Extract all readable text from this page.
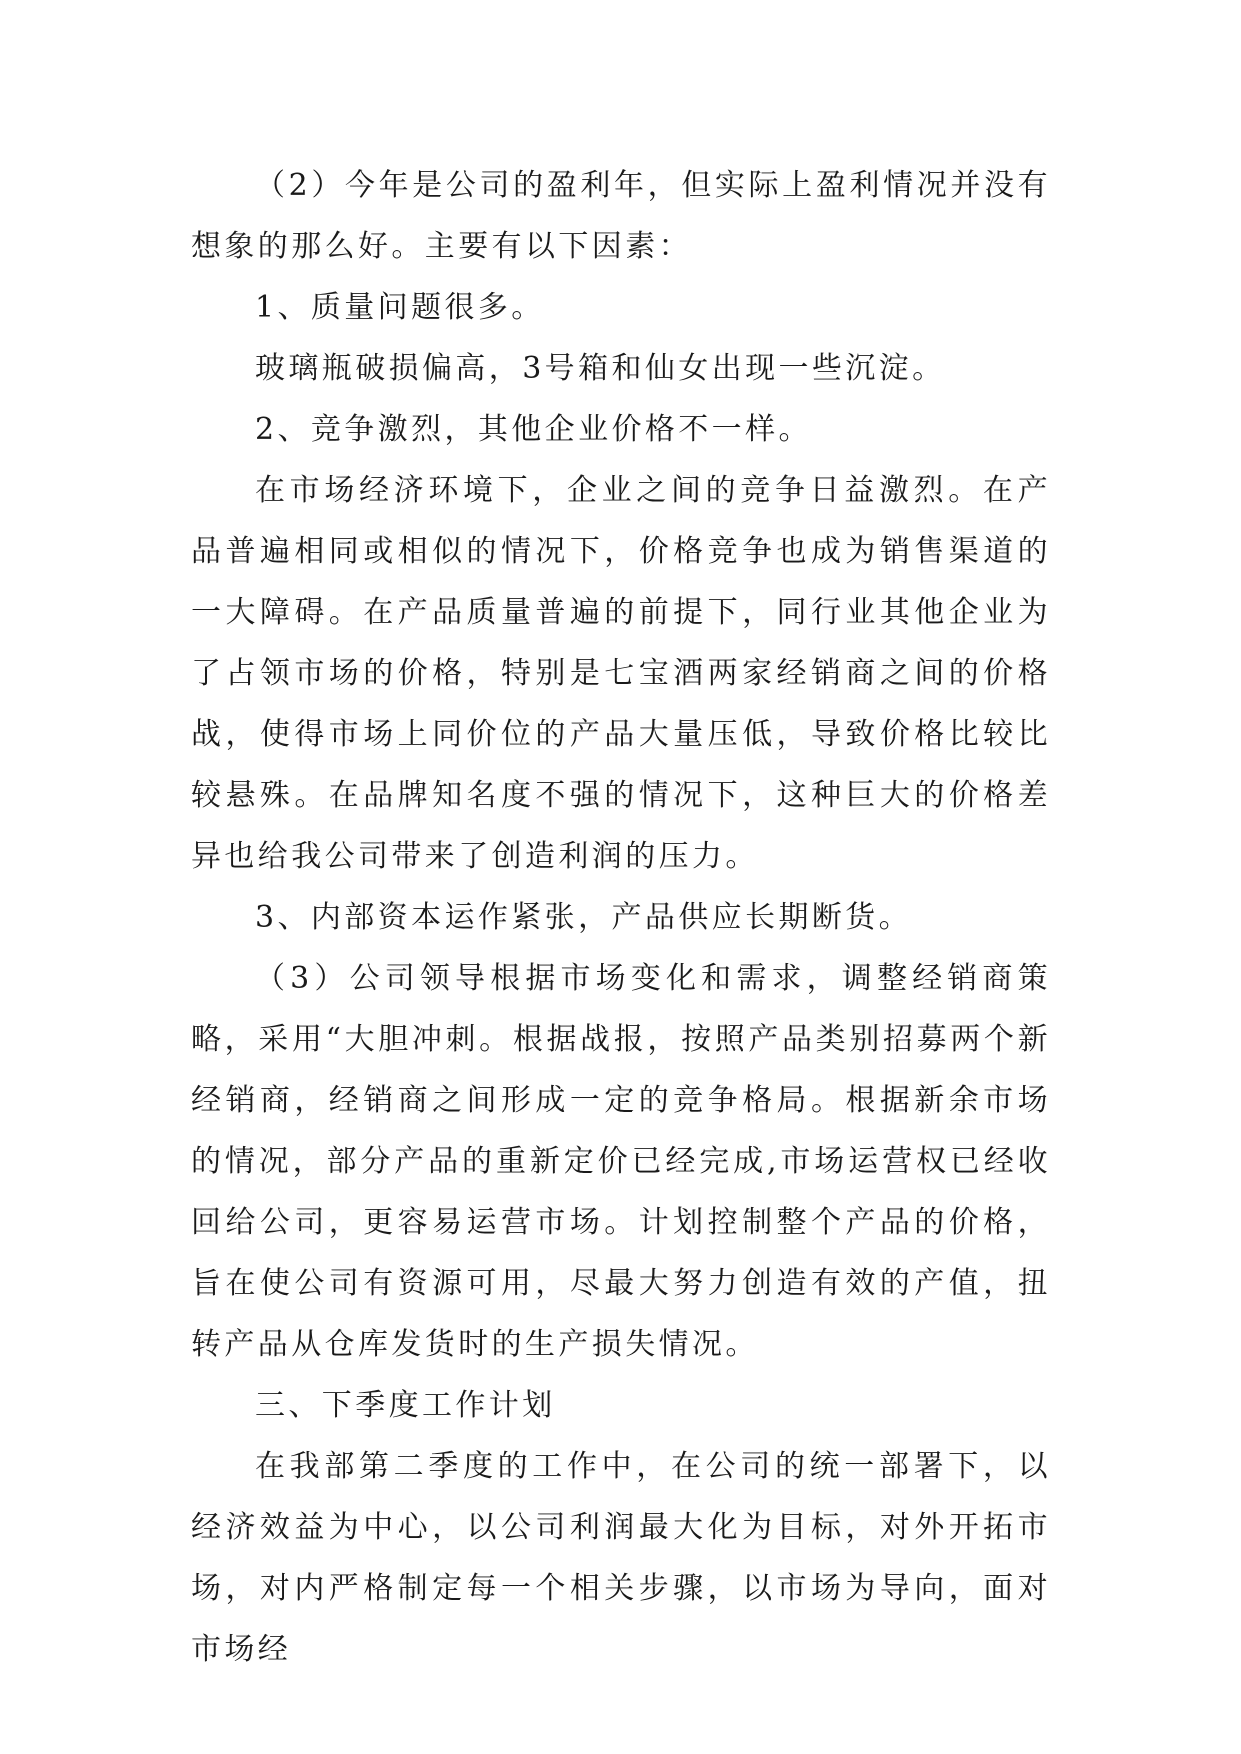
（2）今年是公司的盈利年，但实际上盈利情况并没有想象的那么好。主要有以下因素：

1、质量问题很多。

玻璃瓶破损偏高，3号箱和仙女出现一些沉淀。

2、竞争激烈，其他企业价格不一样。

在市场经济环境下，企业之间的竞争日益激烈。在产品普遍相同或相似的情况下，价格竞争也成为销售渠道的一大障碍。在产品质量普遍的前提下，同行业其他企业为了占领市场的价格，特别是七宝酒两家经销商之间的价格战，使得市场上同价位的产品大量压低，导致价格比较比较悬殊。在品牌知名度不强的情况下，这种巨大的价格差异也给我公司带来了创造利润的压力。

3、内部资本运作紧张，产品供应长期断货。

（3）公司领导根据市场变化和需求，调整经销商策略，采用“大胆冲刺。根据战报，按照产品类别招募两个新经销商，经销商之间形成一定的竞争格局。根据新余市场的情况，部分产品的重新定价已经完成,市场运营权已经收回给公司，更容易运营市场。计划控制整个产品的价格，旨在使公司有资源可用，尽最大努力创造有效的产值，扭转产品从仓库发货时的生产损失情况。

三、下季度工作计划

在我部第二季度的工作中，在公司的统一部署下，以经济效益为中心，以公司利润最大化为目标，对外开拓市场，对内严格制定每一个相关步骤，以市场为导向，面对市场经
